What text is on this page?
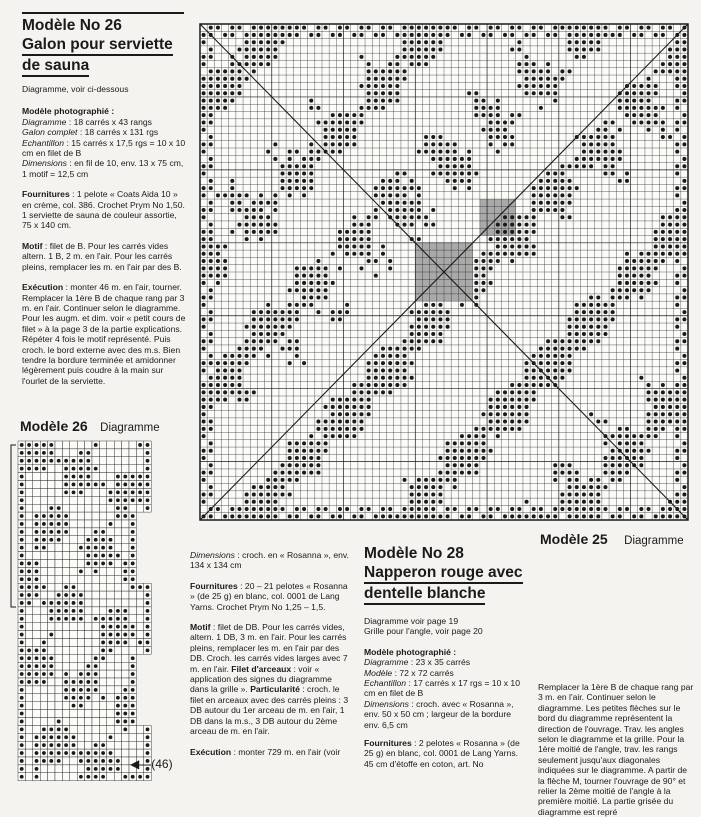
Modèle No 26
Galon pour serviette
de sauna
Diagramme, voir ci-dessous
Modèle photographié :
Diagramme : 18 carrés x 43 rangs
Galon complet : 18 carrés x 131 rgs
Echantillon : 15 carrés x 17,5 rgs = 10 x 10 cm en filet de B
Dimensions : en fil de 10, env. 13 x 75 cm, 1 motif = 12,5 cm
Fournitures : 1 pelote « Coats Aida 10 » en crème, col. 386. Crochet Prym No 1,50. 1 serviette de sauna de couleur assortie, 75 x 140 cm.
Motif : filet de B. Pour les carrés vides altern. 1 B, 2 m. en l'air. Pour les carrés pleins, remplacer les m. en l'air par des B.
Exécution : monter 46 m. en l'air, tourner. Remplacer la 1ère B de chaque rang par 3 m. en l'air. Continuer selon le diagramme. Pour les augm. et dim. voir « petit cours de filet » à la page 3 de la partie explications. Répéter 4 fois le motif représenté. Puis croch. le bord externe avec des m.s. Bien tendre la bordure terminée et amidonner légèrement puis coudre à la main sur l'ourlet de la serviette.
Modèle 26 Diagramme
◀—(46)
Modèle 25 Diagramme
Dimensions : croch. en « Rosanna », env. 134 x 134 cm
Fournitures : 20 – 21 pelotes « Rosanna » (de 25 g) en blanc, col. 0001 de Lang Yarns. Crochet Prym No 1,25 – 1,5.
Motif : filet de DB. Pour les carrés vides, altern. 1 DB, 3 m. en l'air. Pour les carrés pleins, remplacer les m. en l'air par des DB. Croch. les carrés vides larges avec 7 m. en l'air. Filet d'arceaux : voir « application des signes du diagramme dans la grille ». Particularité : croch. le filet en arceaux avec des carrés pleins : 3 DB autour du 1er arceau de m. en l'air, 1 DB dans la m.s., 3 DB autour du 2ème arceau de m. en l'air.
Exécution : monter 729 m. en l'air (voir
Modèle No 28
Napperon rouge avec
dentelle blanche
Diagramme voir page 19
Grille pour l'angle, voir page 20
Modèle photographié :
Diagramme : 23 x 35 carrés
Modèle : 72 x 72 carrés
Echantillon : 17 carrés x 17 rgs = 10 x 10 cm en filet de B
Dimensions : croch. avec « Rosanna », env. 50 x 50 cm ; largeur de la bordure env. 6,5 cm
Fournitures : 2 pelotes « Rosanna » (de 25 g) en blanc, col. 0001 de Lang Yarns. 45 cm d'étoffe en coton, art. No
Remplacer la 1ère B de chaque rang par 3 m. en l'air. Continuer selon le diagramme. Les petites flèches sur le bord du diagramme représentent la direction de l'ouvrage. Trav. les angles selon le diagramme et la grille. Pour la 1ère moitié de l'angle, trav. les rangs seulement jusqu'aux diagonales indiquées sur le diagramme. A partir de la flèche M, tourner l'ouvrage de 90° et relier la 2ème moitié de l'angle à la première moitié. La partie grisée du diagramme est repré
